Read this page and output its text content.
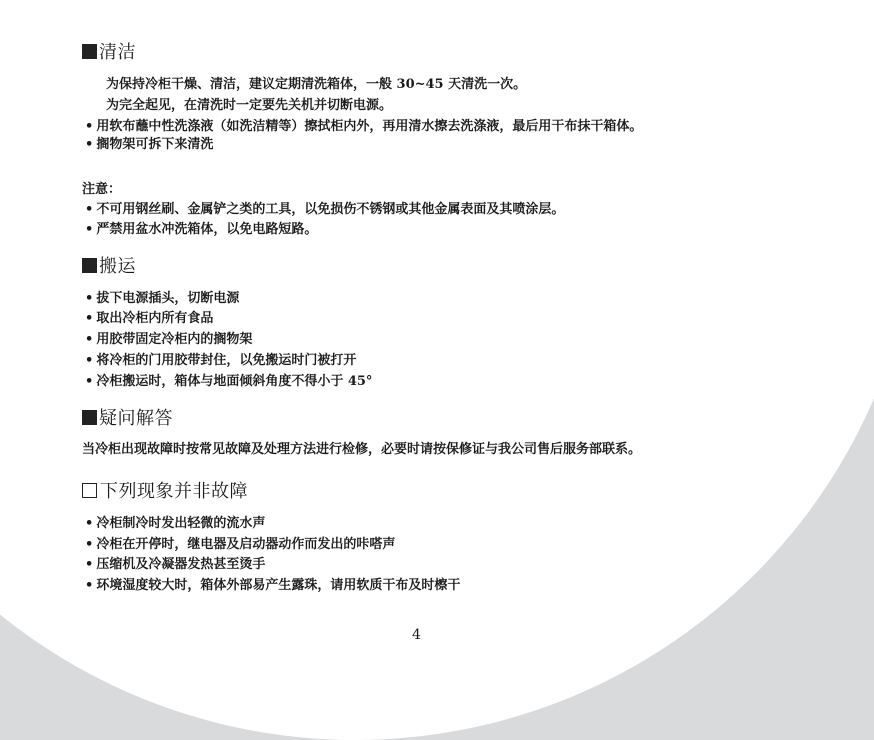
清洁
为保持冷柜干燥、清洁，建议定期清洗箱体，一般 30~45 天清洗一次。
为完全起见，在清洗时一定要先关机并切断电源。
• 用软布蘸中性洗涤液（如洗洁精等）擦拭柜内外，再用清水擦去洗涤液，最后用干布抹干箱体。
• 搁物架可拆下来清洗
注意：
• 不可用钢丝刷、金属铲之类的工具，以免损伤不锈钢或其他金属表面及其喷涂层。
• 严禁用盆水冲洗箱体，以免电路短路。
搬运
• 拔下电源插头，切断电源
• 取出冷柜内所有食品
• 用胶带固定冷柜内的搁物架
• 将冷柜的门用胶带封住，以免搬运时门被打开
• 冷柜搬运时，箱体与地面倾斜角度不得小于 45°
疑问解答
当冷柜出现故障时按常见故障及处理方法进行检修，必要时请按保修证与我公司售后服务部联系。
下列现象并非故障
• 冷柜制冷时发出轻微的流水声
• 冷柜在开停时，继电器及启动器动作而发出的咔嗒声
• 压缩机及冷凝器发热甚至烫手
• 环境湿度较大时，箱体外部易产生露珠，请用软质干布及时檫干
4
